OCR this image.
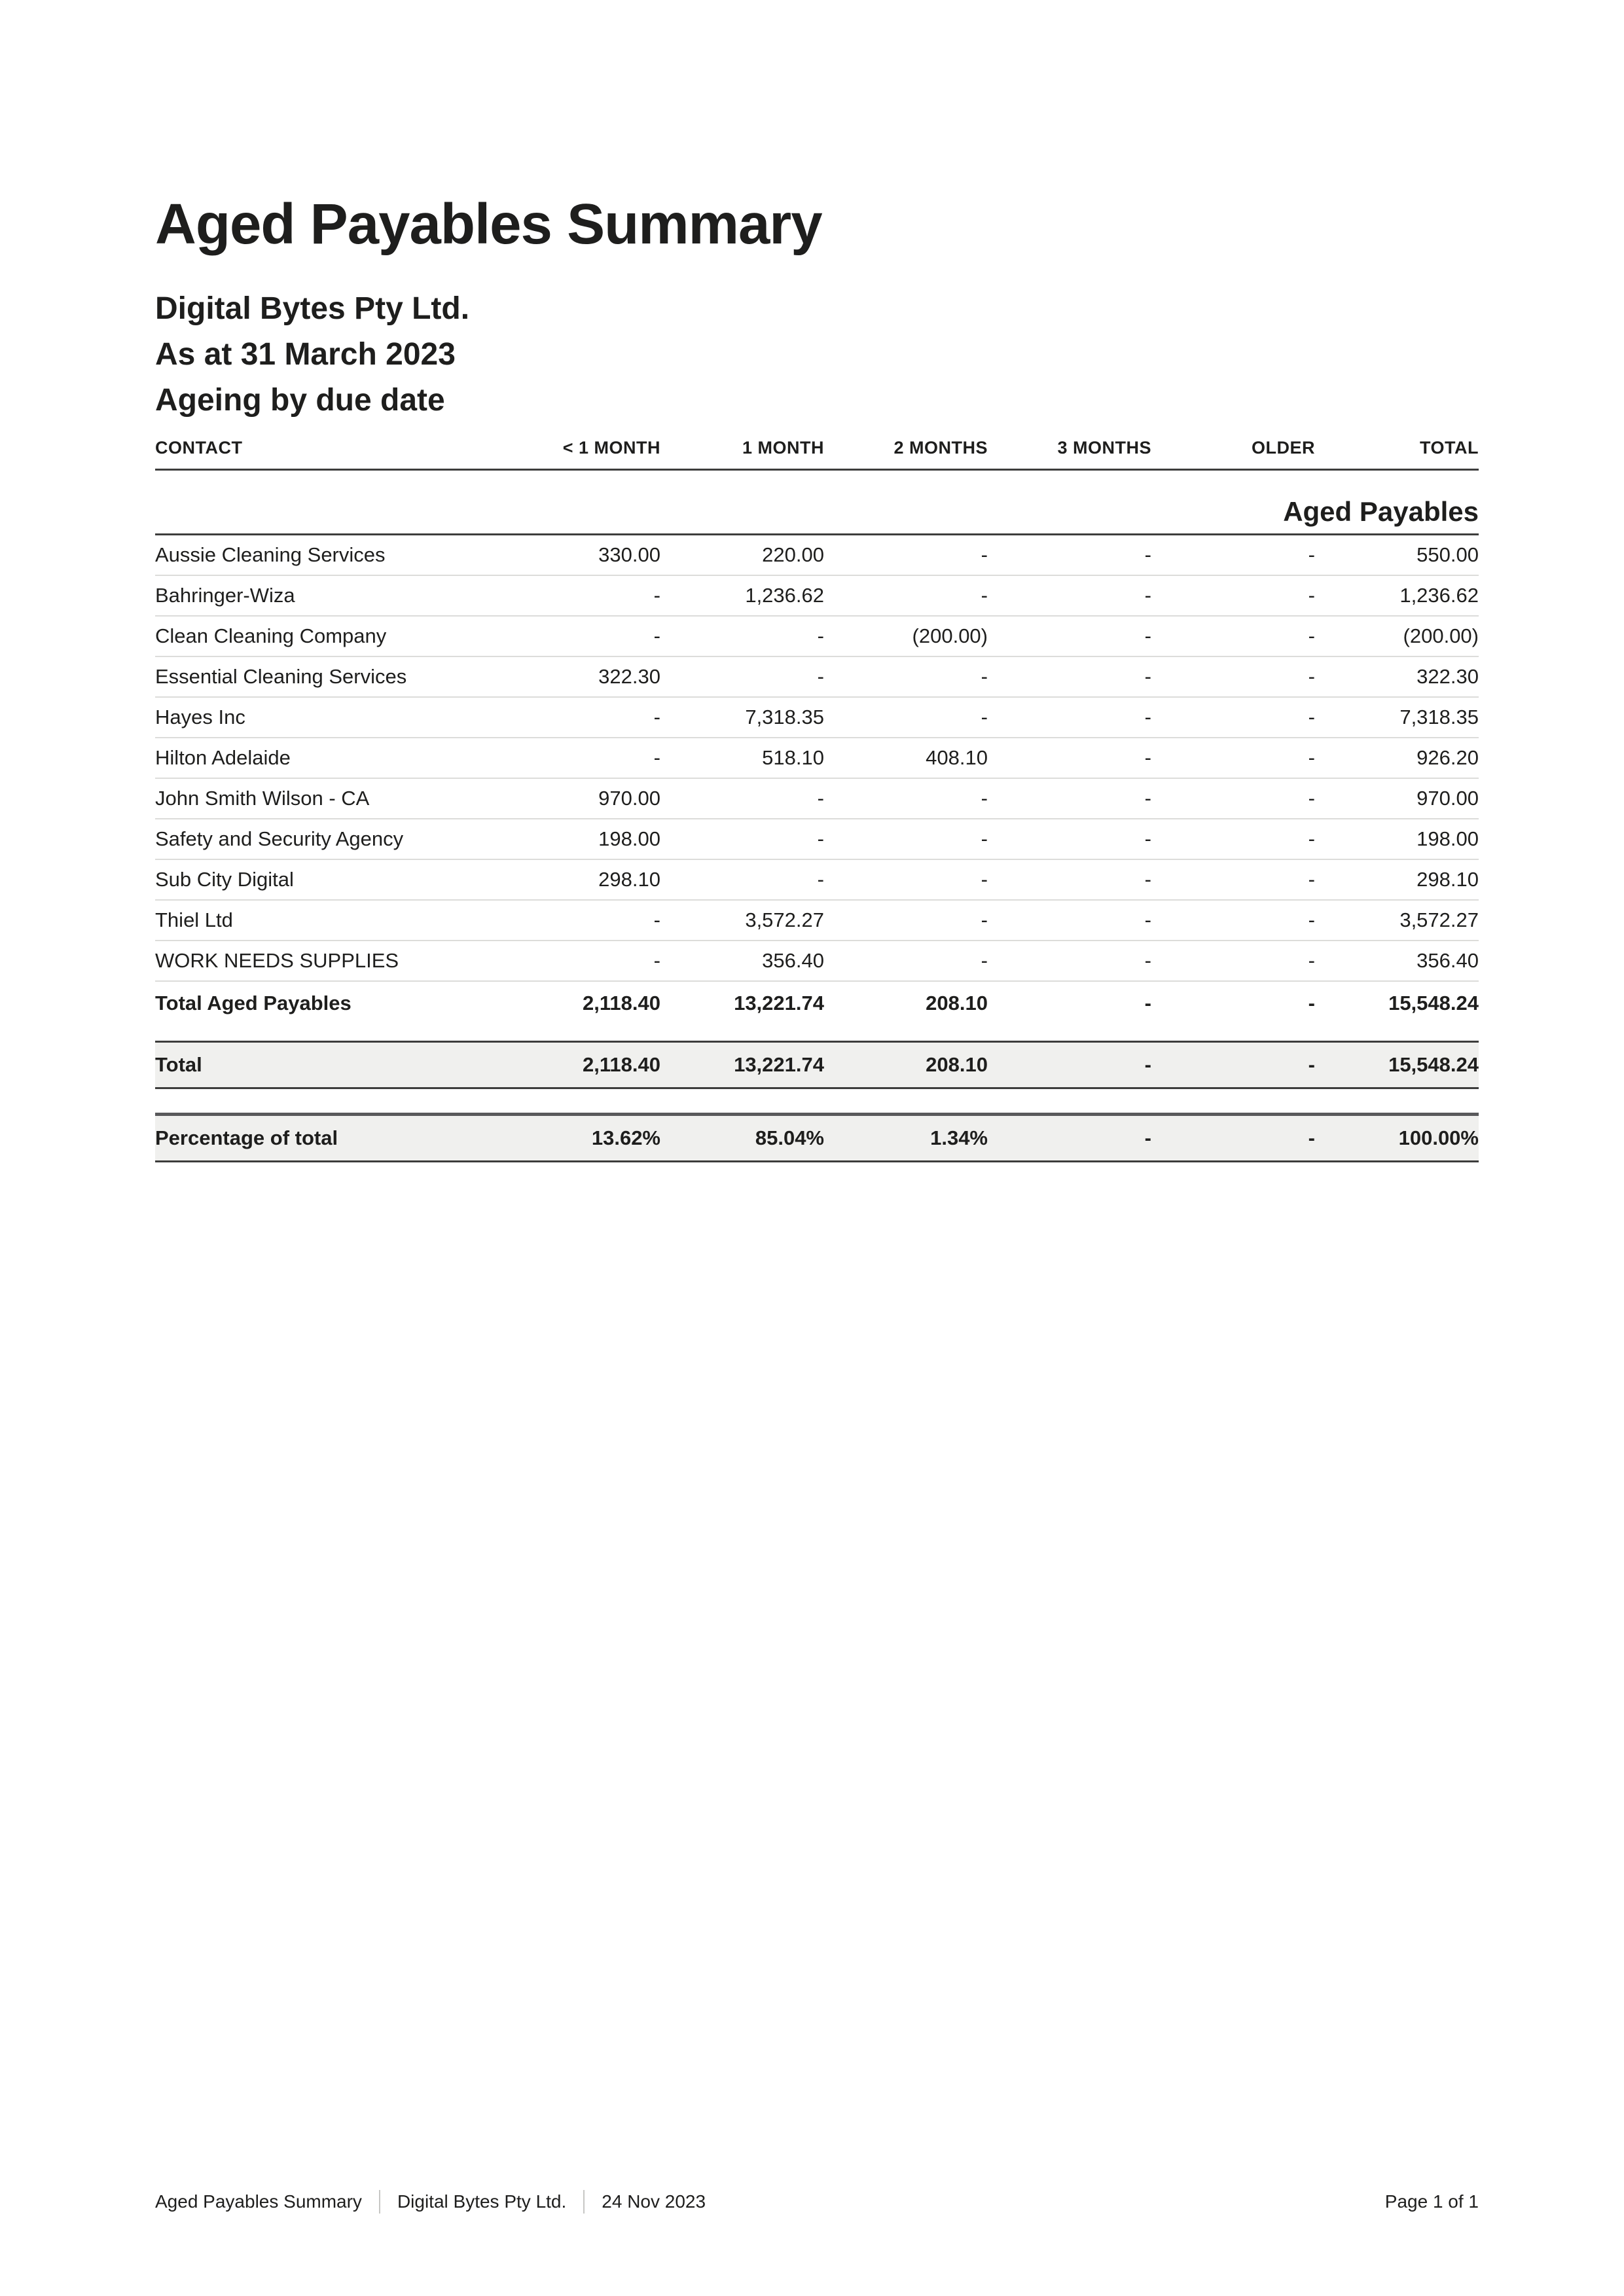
Aged Payables Summary
Digital Bytes Pty Ltd.
As at 31 March 2023
Ageing by due date
CONTACT	< 1 MONTH	1 MONTH	2 MONTHS	3 MONTHS	OLDER	TOTAL
Aged Payables						
Aussie Cleaning Services	330.00	220.00	-	-	-	550.00
Bahringer-Wiza	-	1,236.62	-	-	-	1,236.62
Clean Cleaning Company	-	-	(200.00)	-	-	(200.00)
Essential Cleaning Services	322.30	-	-	-	-	322.30
Hayes Inc	-	7,318.35	-	-	-	7,318.35
Hilton Adelaide	-	518.10	408.10	-	-	926.20
John Smith Wilson - CA	970.00	-	-	-	-	970.00
Safety and Security Agency	198.00	-	-	-	-	198.00
Sub City Digital	298.10	-	-	-	-	298.10
Thiel Ltd	-	3,572.27	-	-	-	3,572.27
WORK NEEDS SUPPLIES	-	356.40	-	-	-	356.40
Total Aged Payables	2,118.40	13,221.74	208.10	-	-	15,548.24
Total	2,118.40	13,221.74	208.10	-	-	15,548.24
Percentage of total	13.62%	85.04%	1.34%	-	-	100.00%
Aged Payables Summary Digital Bytes Pty Ltd. 24 Nov 2023	Page 1 of 1
